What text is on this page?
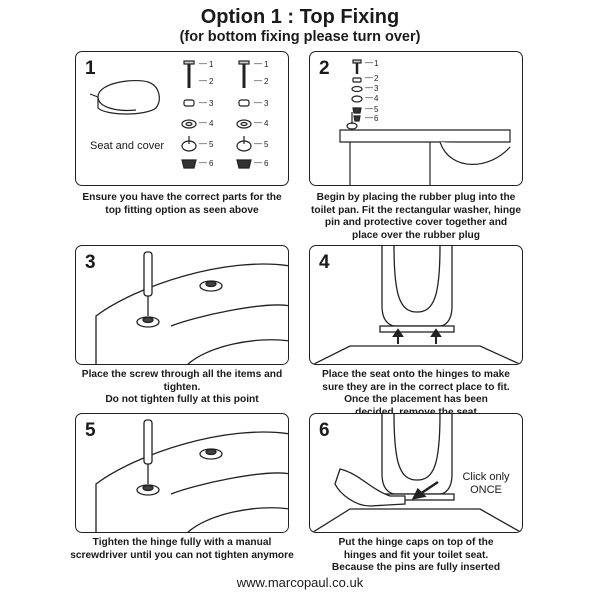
Option 1 : Top Fixing
(for bottom fixing please turn over)
1	— 1
— 2
— 3
— 4
— 5
— 6
— 1
— 2
— 3
— 4
— 5
— 6
Seat and cover
Ensure you have the correct parts for the
top fitting option as seen above
2	— 1
— 2
— 3
— 4
— 5
— 6
Begin by placing the rubber plug into the
toilet pan. Fit the rectangular washer, hinge
pin and protective cover together and
place over the rubber plug
3
Place the screw through all the items and tighten.
Do not tighten fully at this point
4
Place the seat onto the hinges to make
sure they are in the correct place to fit.
Once the placement has been
5
Tighten the hinge fully with a manual
screwdriver until you can not tighten anymore
6
Click only
ONCE
Put the hinge caps on top of the
hinges and fit your toilet seat.
Because the pins are fully inserted
www.marcopaul.co.uk
